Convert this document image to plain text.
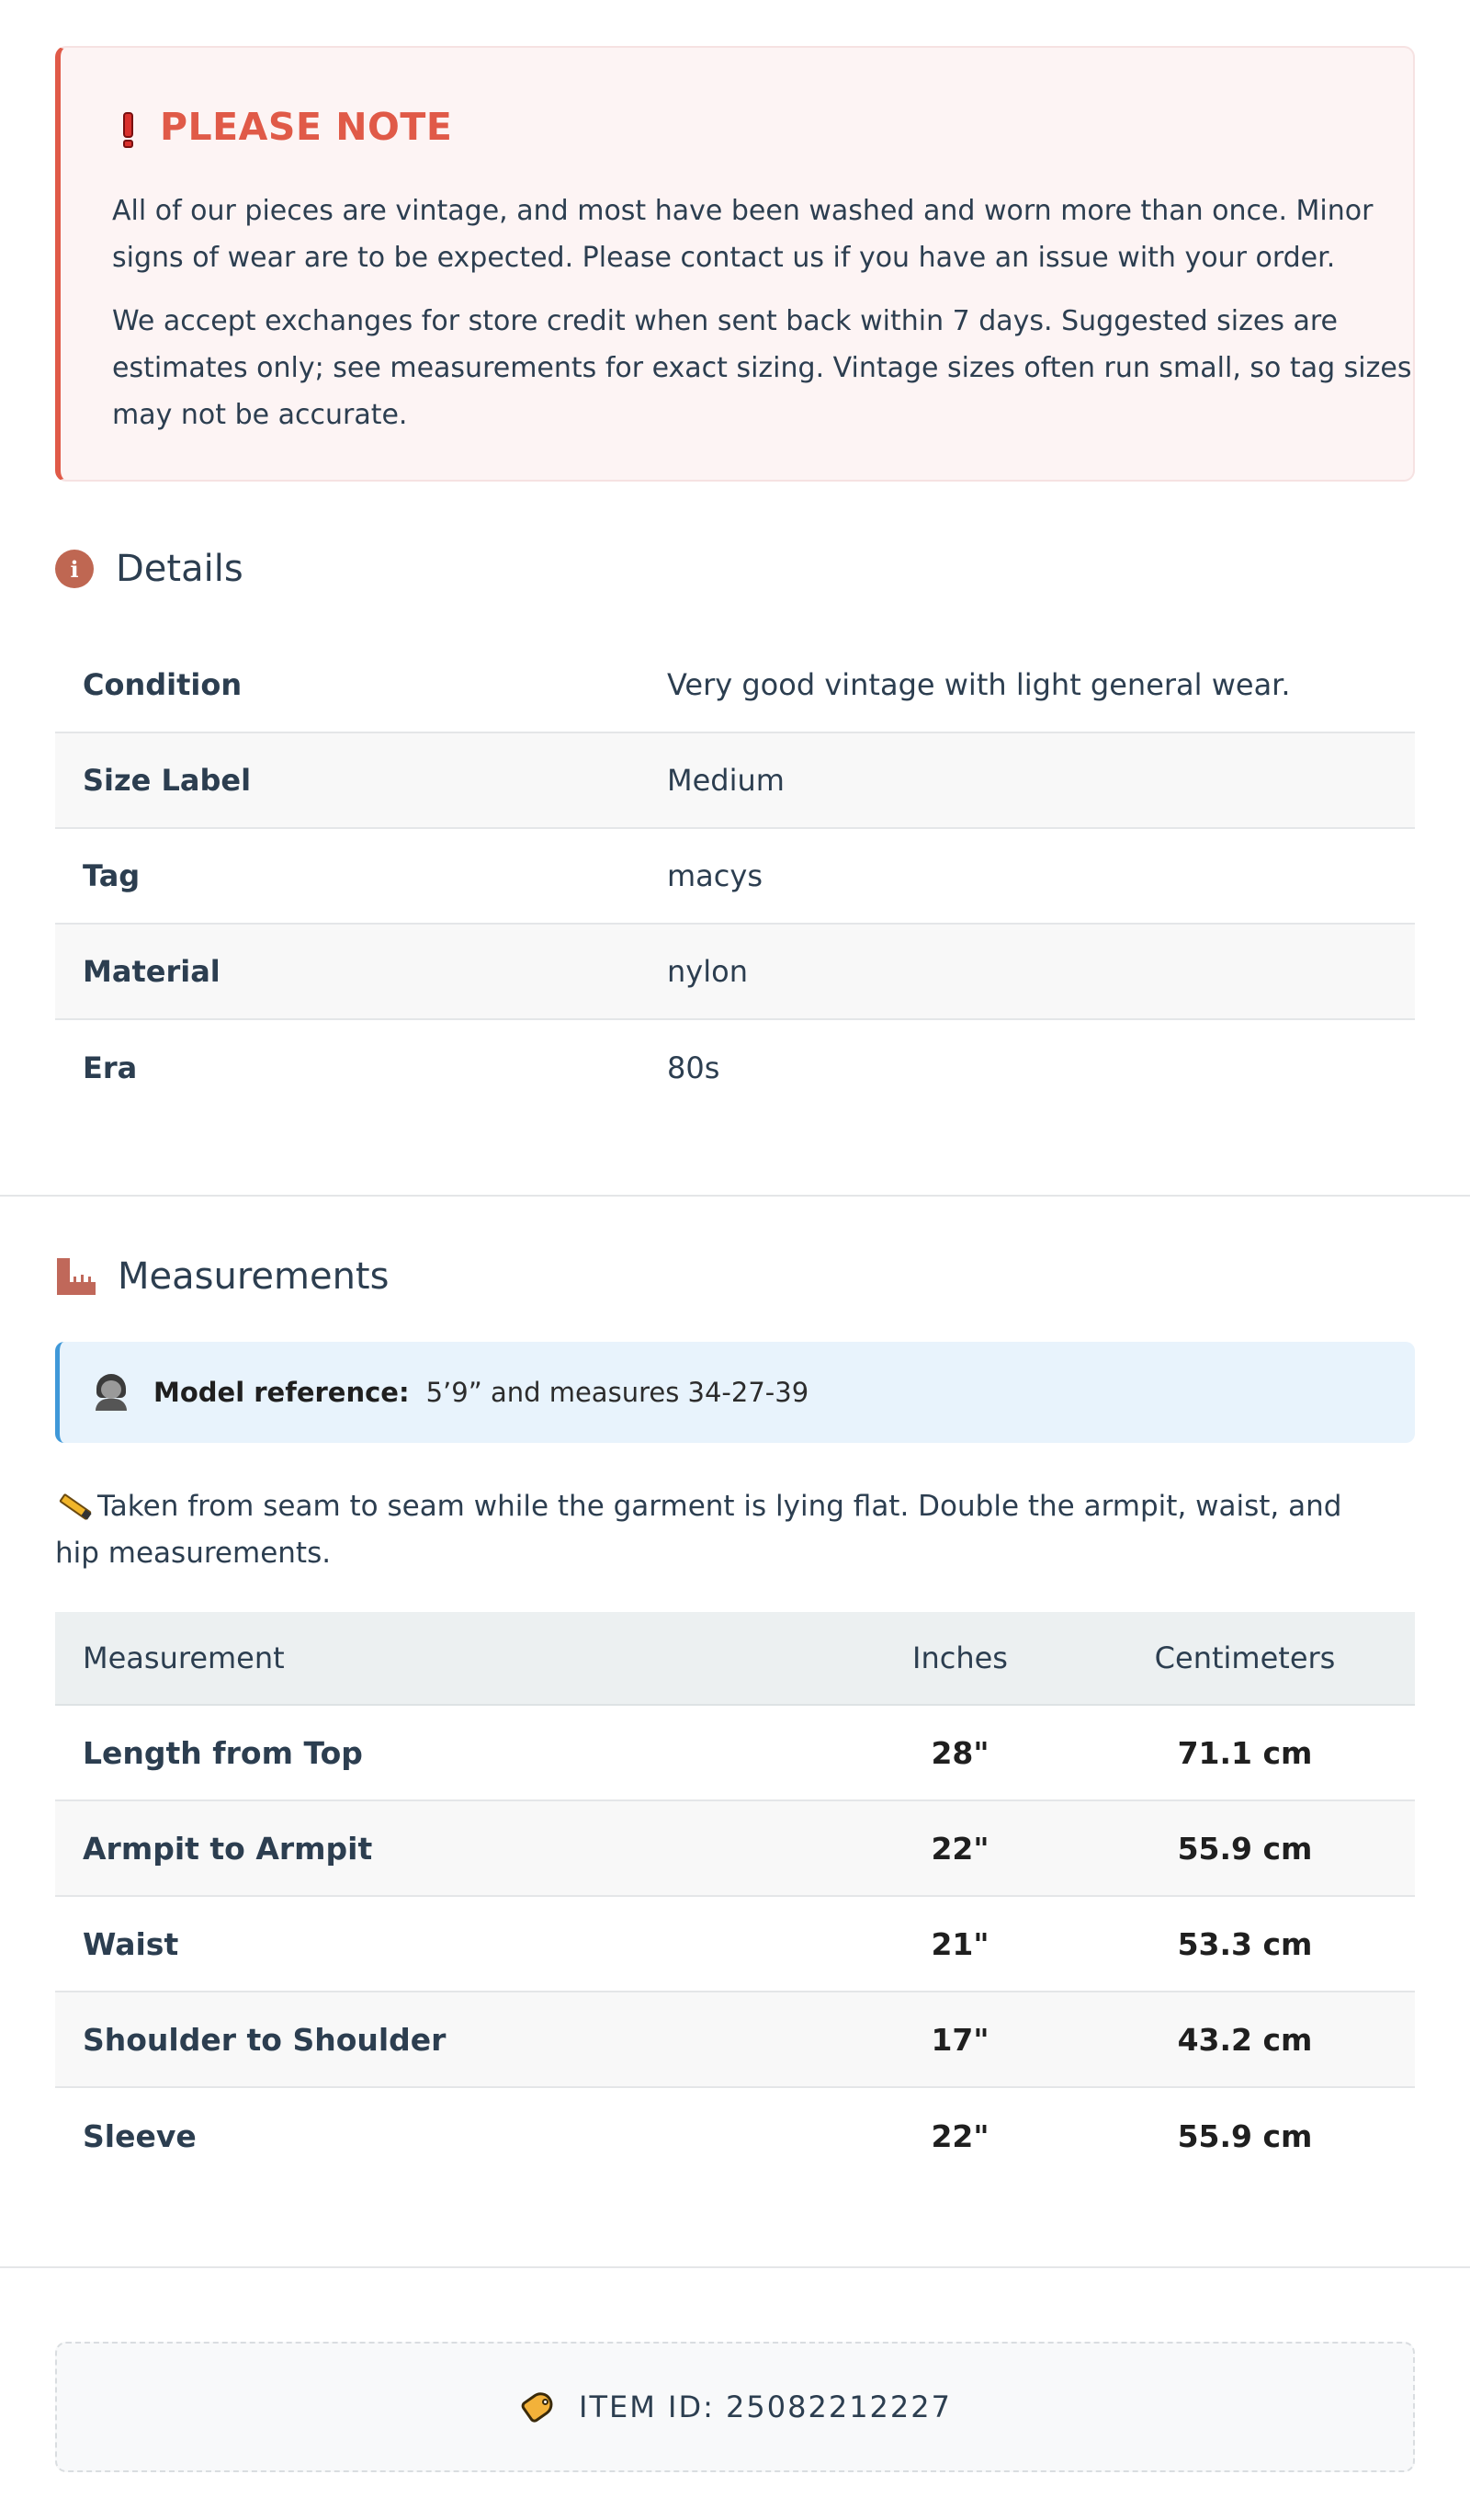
PLEASE NOTE

All of our pieces are vintage, and most have been washed and worn more than once. Minor signs of wear are to be expected. Please contact us if you have an issue with your order.

We accept exchanges for store credit when sent back within 7 days. Suggested sizes are estimates only; see measurements for exact sizing. Vintage sizes often run small, so tag sizes may not be accurate.

i	Details
Condition	Very good vintage with light general wear.
Size Label	Medium
Tag	macys
Material	nylon
Era	80s
Measurements
Model reference: 5’9” and measures 34-27-39
Taken from seam to seam while the garment is lying flat. Double the armpit, waist, and hip measurements.
Measurement	Inches	Centimeters
Length from Top	28"	71.1 cm
Armpit to Armpit	22"	55.9 cm
Waist	21"	53.3 cm
Shoulder to Shoulder	17"	43.2 cm
Sleeve	22"	55.9 cm
ITEM ID: 25082212227
